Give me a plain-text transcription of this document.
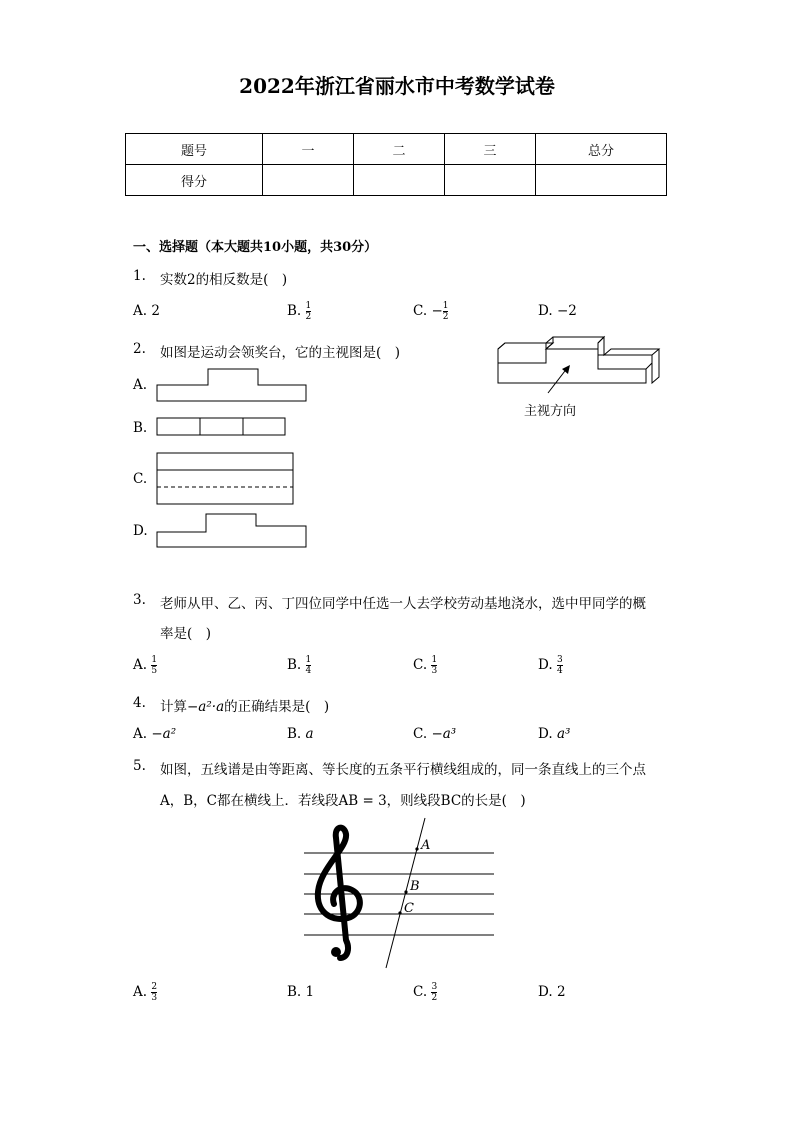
2022年浙江省丽水市中考数学试卷
题号	一	二	三	总分
得分				
一、选择题（本大题共10小题，共30分）
1. 实数2的相反数是(　)
A. 2	B. $\frac{1}{2}$	C. − $\frac{1}{2}$	D. −2
2. 如图是运动会领奖台，它的主视图是(　)
主视方向
A.
B.
C.
D.
3. 老师从甲、乙、丙、丁四位同学中任选一人去学校劳动基地浇水，选中甲同学的概
率是(　)
A. $\frac{1}{5}$	B. $\frac{1}{4}$	C. $\frac{1}{3}$	D. $\frac{3}{4}$
4. 计算−a²·a的正确结果是(　)
A. −a²	B. a	C. −a³	D. a³
5. 如图，五线谱是由等距离、等长度的五条平行横线组成的，同一条直线上的三个点
A，B，C都在横线上．若线段AB = 3，则线段BC的长是(　)
A
B
C
A. $\frac{2}{3}$	B. 1	C. $\frac{3}{2}$	D. 2
